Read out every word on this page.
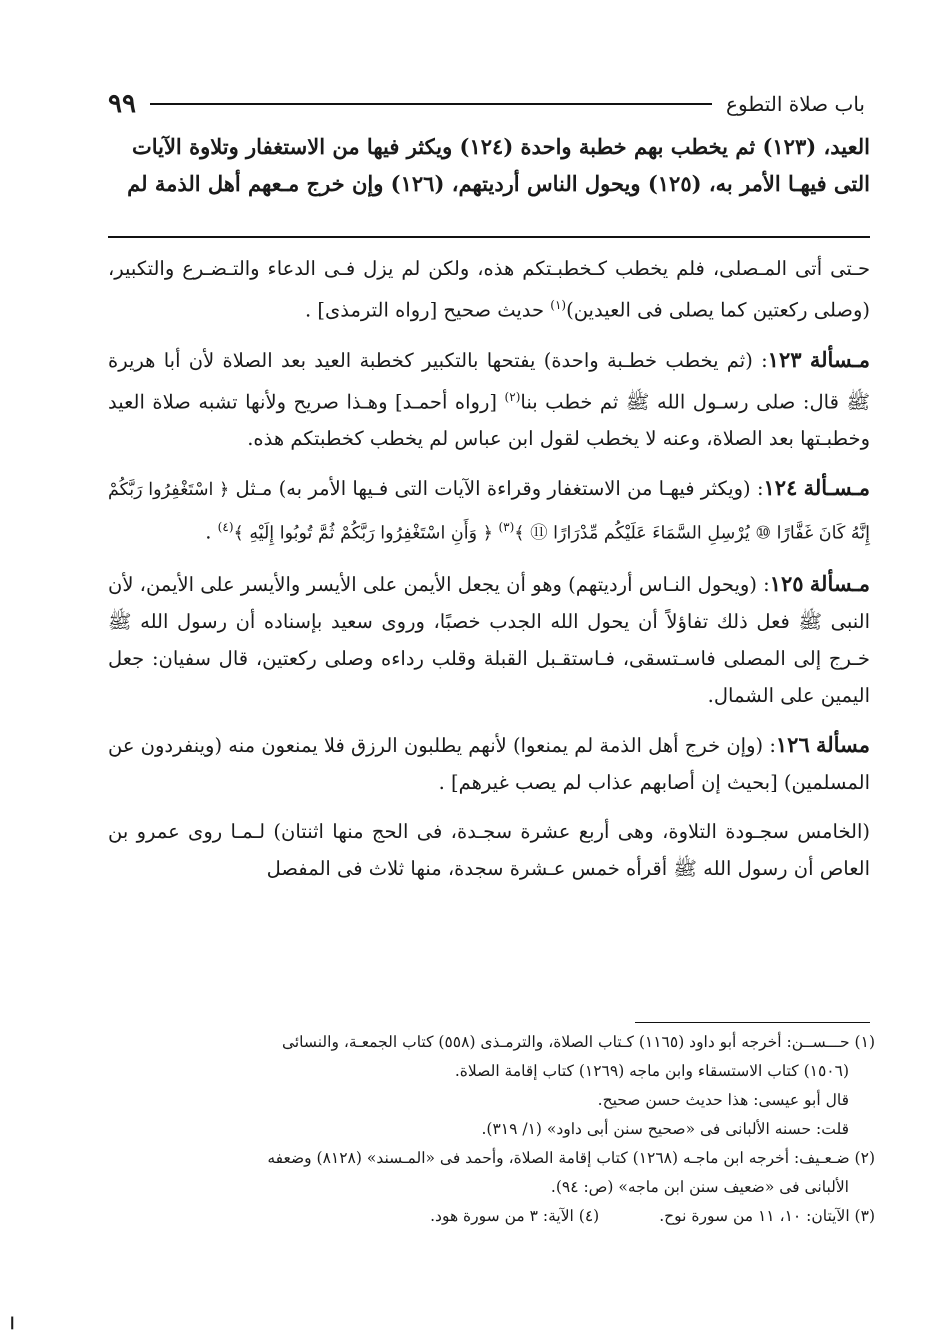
باب صلاة التطوع
٩٩

العيد، (١٢٣) ثم يخطب بهم خطبة واحدة (١٢٤) ويكثر فيها من الاستغفار وتلاوة الآيات

التى فيهـا الأمر به، (١٢٥) ويحول الناس أرديتهم، (١٢٦) وإن خرج مـعهم أهل الذمة لم

حـتى أتى المـصلى، فلم يخطب كـخطبـتكم هذه، ولكن لم يزل فـى الدعاء والتـضـرع والتكبير، (وصلى ركعتين كما يصلى فى العيدين)$^{(١)}$ حديث صحيح [رواه الترمذى] .

مـسألة ١٢٣: (ثم يخطب خطـبة واحدة) يفتحها بالتكبير كخطبة العيد بعد الصلاة لأن أبا هريرة ﷺ قال: صلى رسـول الله ﷺ ثم خطب بنا$^{(٢)}$ [رواه أحمـد] وهـذا صريح ولأنها تشبه صلاة العيد وخطبـتها بعد الصلاة، وعنه لا يخطب لقول ابن عباس لم يخطب كخطبتكم هذه.

مـسـألة ١٢٤: (ويكثر فيهـا من الاستغفار وقراءة الآيات التى فـيها الأمر به) مـثل ﴿ اسْتَغْفِرُوا رَبَّكُمْ إِنَّهُ كَانَ غَفَّارًا ⑩ يُرْسِلِ السَّمَاءَ عَلَيْكُم مِّدْرَارًا ⑪ ﴾$^{(٣)}$ ﴿ وَأَنِ اسْتَغْفِرُوا رَبَّكُمْ ثُمَّ تُوبُوا إِلَيْهِ ﴾$^{(٤)}$ .

مـسألة ١٢٥: (ويحول النـاس أرديتهم) وهو أن يجعل الأيمن على الأيسر والأيسر على الأيمن، لأن النبى ﷺ فعل ذلك تفاؤلاً أن يحول الله الجدب خصبًا، وروى سعيد بإسناده أن رسول الله ﷺ خـرج إلى المصلى فاسـتسقى، فـاستقـبل القبلة وقلب رداءه وصلى ركعتين، قال سفيان: جعل اليمين على الشمال.

مسألة ١٢٦: (وإن خرج أهل الذمة لم يمنعوا) لأنهم يطلبون الرزق فلا يمنعون منه (وينفردون عن المسلمين) [بحيث إن أصابهم عذاب لم يصب غيرهم] .

(الخامس سجـودة التلاوة، وهى أربع عشرة سجـدة، فى الحج منها اثنتان) لـمـا روى عمرو بن العاص أن رسول الله ﷺ أقرأه خمس عـشرة سجدة، منها ثلاث فى المفصل

(١) حـــســن: أخرجه أبو داود (١١٦٥) كـتاب الصلاة، والترمـذى (٥٥٨) كتاب الجمعـة، والنسائى

(١٥٠٦) كتاب الاستسقاء وابن ماجه (١٢٦٩) كتاب إقامة الصلاة.

قال أبو عيسى: هذا حديث حسن صحيح.

قلت: حسنه الألبانى فى «صحيح سنن أبى داود» (١/ ٣١٩).

(٢) ضـعـيف: أخرجه ابن ماجـه (١٢٦٨) كتاب إقامة الصلاة، وأحمد فى «المـسند» (٨١٢٨) وضعفه

الألبانى فى «ضعيف سنن ابن ماجه» (ص: ٩٤).

(٣) الآيتان: ١٠، ١١ من سورة نوح.
(٤) الآية: ٣ من سورة هود.
ا
